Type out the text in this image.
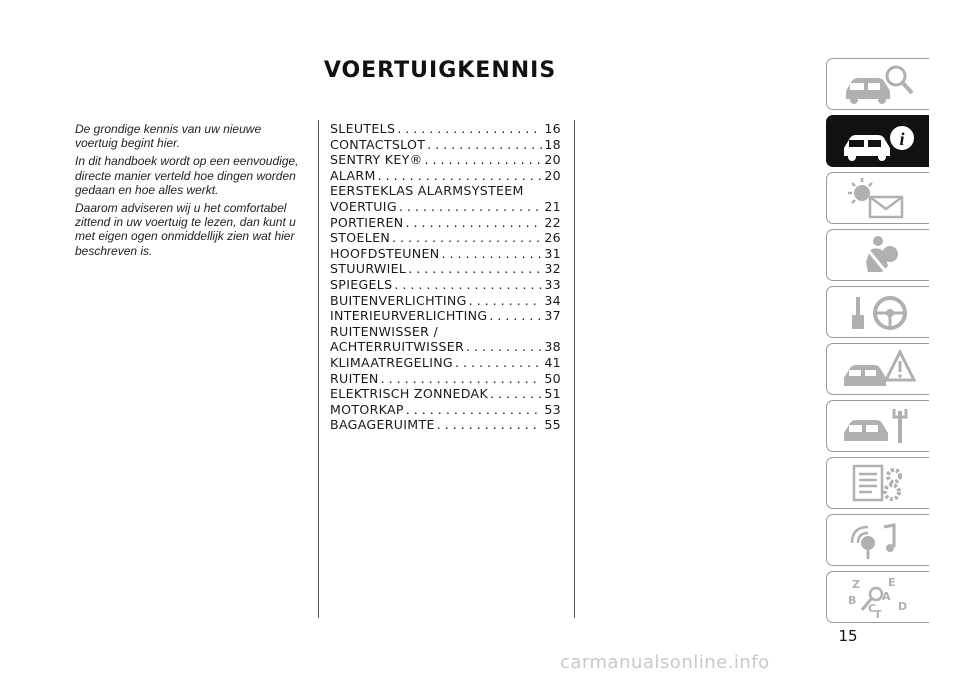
VOERTUIGKENNIS

De grondige kennis van uw nieuwe voertuig begint hier.

In dit handboek wordt op een eenvoudige, directe manier verteld hoe dingen worden gedaan en hoe alles werkt.

Daarom adviseren wij u het comfortabel zittend in uw voertuig te lezen, dan kunt u met eigen ogen onmiddellijk zien wat hier beschreven is.

SLEUTELS . . .	16
CONTACTSLOT . . .	18
SENTRY KEY® . . .	20
ALARM . . .	20
EERSTEKLAS ALARMSYSTEEM
VOERTUIG . . .	21
PORTIEREN . . .	22
STOELEN . . .	26
HOOFDSTEUNEN . . .	31
STUURWIEL . . .	32
SPIEGELS . . .	33
BUITENVERLICHTING . . .	34
INTERIEURVERLICHTING . . .	37
RUITENWISSER /
ACHTERRUITWISSER . . .	38
KLIMAATREGELING . . .	41
RUITEN . . .	50
ELEKTRISCH ZONNEDAK . . .	51
MOTORKAP . . .	53
BAGAGERUIMTE . . .	55
i
Z	E
B A
C
T
D
15
carmanualsonline.info
